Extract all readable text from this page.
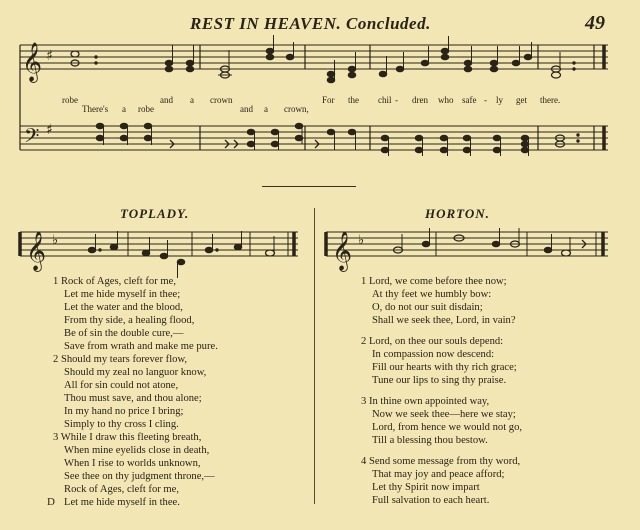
REST IN HEAVEN. Concluded.	49
𝄞
𝄢
♯
♯
𝄞 ♭	𝄞 ♭
robe	and a crown	For the chil - dren who safe - ly get there.
There's a robe	and a crown,
TOPLADY.	HORTON.
1 Rock of Ages, cleft for me,
Let me hide myself in thee;
Let the water and the blood,
From thy side, a healing flood,
Be of sin the double cure,—
Save from wrath and make me pure.
2 Should my tears forever flow,
Should my zeal no languor know,
All for sin could not atone,
Thou must save, and thou alone;
In my hand no price I bring;
Simply to thy cross I cling.
3 While I draw this fleeting breath,
When mine eyelids close in death,
When I rise to worlds unknown,
See thee on thy judgment throne,—
Rock of Ages, cleft for me,
Let me hide myself in thee.
1 Lord, we come before thee now;
At thy feet we humbly bow:
O, do not our suit disdain;
Shall we seek thee, Lord, in vain?
2 Lord, on thee our souls depend:
In compassion now descend:
Fill our hearts with thy rich grace;
Tune our lips to sing thy praise.
3 In thine own appointed way,
Now we seek thee—here we stay;
Lord, from hence we would not go,
Till a blessing thou bestow.
4 Send some message from thy word,
That may joy and peace afford;
Let thy Spirit now impart
Full salvation to each heart.
D
